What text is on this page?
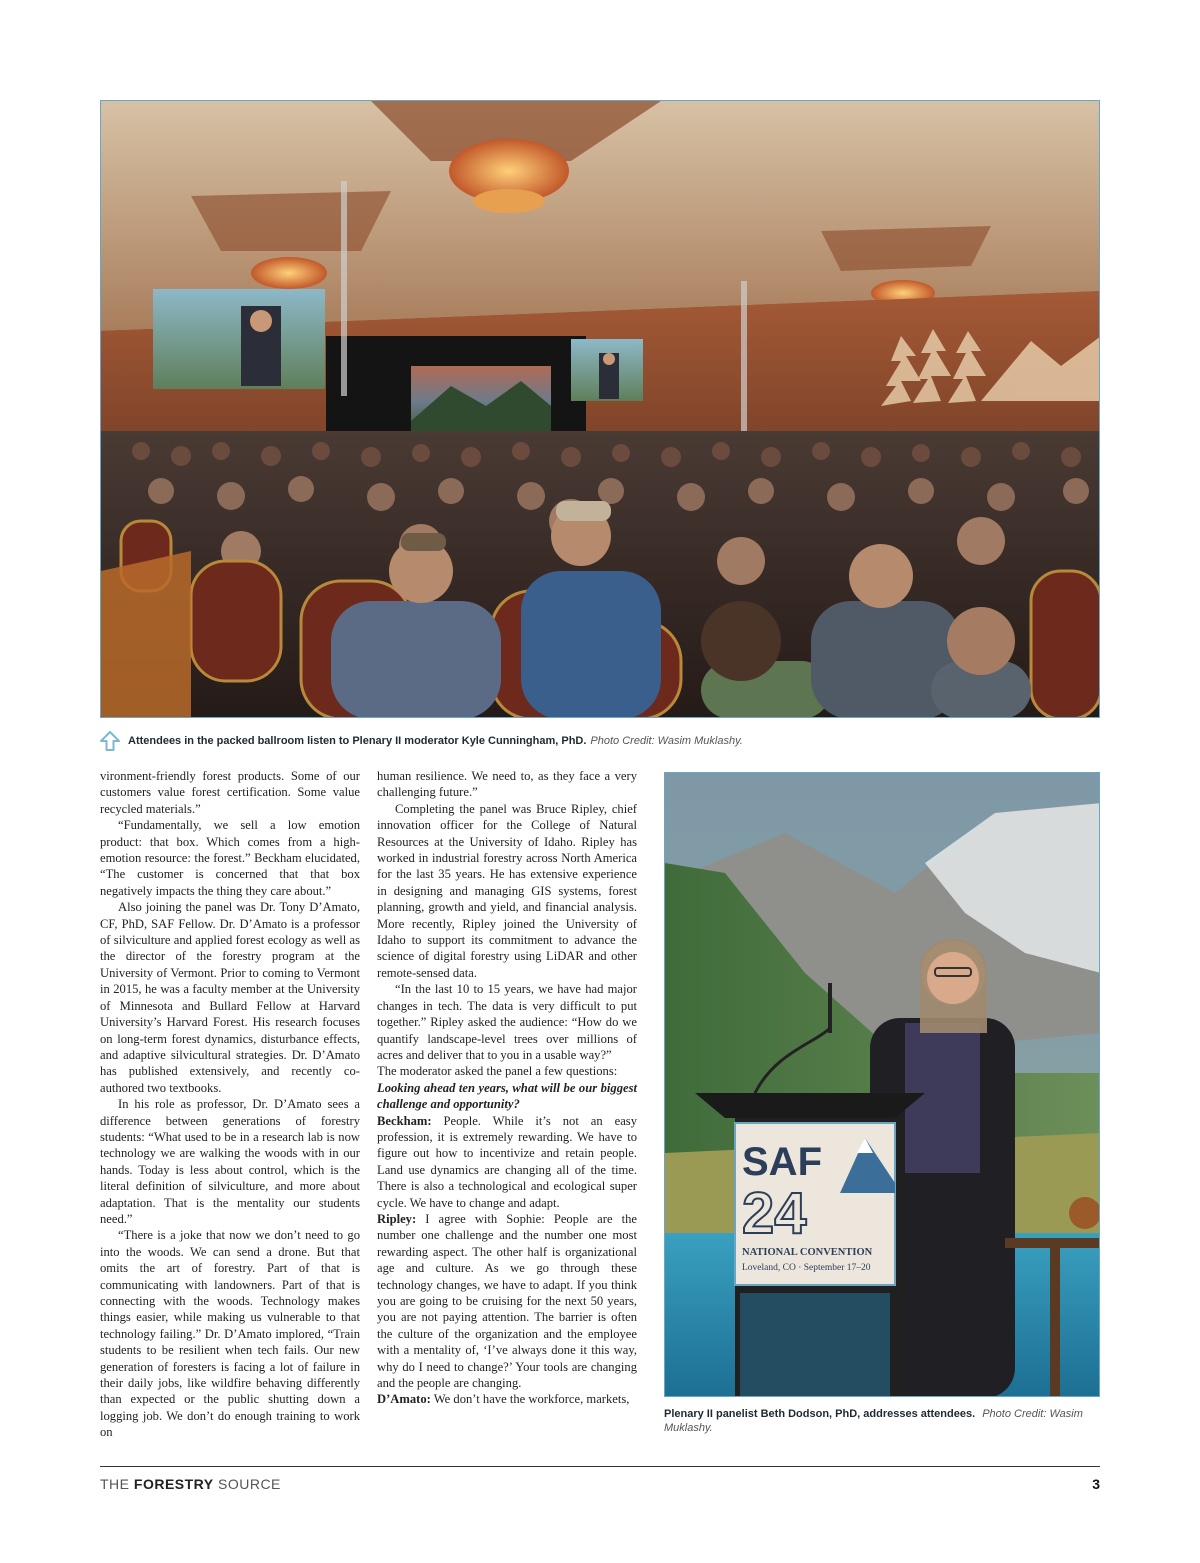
Attendees in the packed ballroom listen to Plenary II moderator Kyle Cunningham, PhD. Photo Credit: Wasim Muklashy.

vironment-friendly forest products. Some of our customers value forest certification. Some value recycled materials.”

“Fundamentally, we sell a low emotion product: that box. Which comes from a high-emotion resource: the forest.” Beckham elucidated, “The customer is concerned that that box negatively impacts the thing they care about.”

Also joining the panel was Dr. Tony D’Amato, CF, PhD, SAF Fellow. Dr. D’Amato is a professor of silviculture and applied forest ecology as well as the director of the forestry program at the University of Vermont. Prior to coming to Vermont in 2015, he was a faculty member at the University of Minnesota and Bullard Fellow at Harvard University’s Harvard Forest. His research focuses on long-term forest dynamics, disturbance effects, and adaptive silvicultural strategies. Dr. D’Amato has published extensively, and recently co-authored two textbooks.

In his role as professor, Dr. D’Amato sees a difference between generations of forestry students: “What used to be in a research lab is now technology we are walking the woods with in our hands. Today is less about control, which is the literal definition of silviculture, and more about adaptation. That is the mentality our students need.”

“There is a joke that now we don’t need to go into the woods. We can send a drone. But that omits the art of forestry. Part of that is communicating with landowners. Part of that is connecting with the woods. Technology makes things easier, while making us vulnerable to that technology failing.” Dr. D’Amato implored, “Train students to be resilient when tech fails. Our new generation of foresters is facing a lot of failure in their daily jobs, like wildfire behaving differently than expected or the public shutting down a logging job. We don’t do enough training to work on

human resilience. We need to, as they face a very challenging future.”

Completing the panel was Bruce Ripley, chief innovation officer for the College of Natural Resources at the University of Idaho. Ripley has worked in industrial forestry across North America for the last 35 years. He has extensive experience in designing and managing GIS systems, forest planning, growth and yield, and financial analysis. More recently, Ripley joined the University of Idaho to support its commitment to advance the science of digital forestry using LiDAR and other remote-sensed data.

“In the last 10 to 15 years, we have had major changes in tech. The data is very difficult to put together.” Ripley asked the audience: “How do we quantify landscape-level trees over millions of acres and deliver that to you in a usable way?”

The moderator asked the panel a few questions:

Looking ahead ten years, what will be our biggest challenge and opportunity?

Beckham: People. While it’s not an easy profession, it is extremely rewarding. We have to figure out how to incentivize and retain people. Land use dynamics are changing all of the time. There is also a technological and ecological super cycle. We have to change and adapt.

Ripley: I agree with Sophie: People are the number one challenge and the number one most rewarding aspect. The other half is organizational age and culture. As we go through these technology changes, we have to adapt. If you think you are going to be cruising for the next 50 years, you are not paying attention. The barrier is often the culture of the organization and the employee with a mentality of, ‘I’ve always done it this way, why do I need to change?’ Your tools are changing and the people are changing.

D’Amato: We don’t have the workforce, markets,

SAF
24
NATIONAL CONVENTION
Loveland, CO · September 17–20
Plenary II panelist Beth Dodson, PhD, addresses attendees. Photo Credit: Wasim Muklashy.
THE FORESTRY SOURCE	3
